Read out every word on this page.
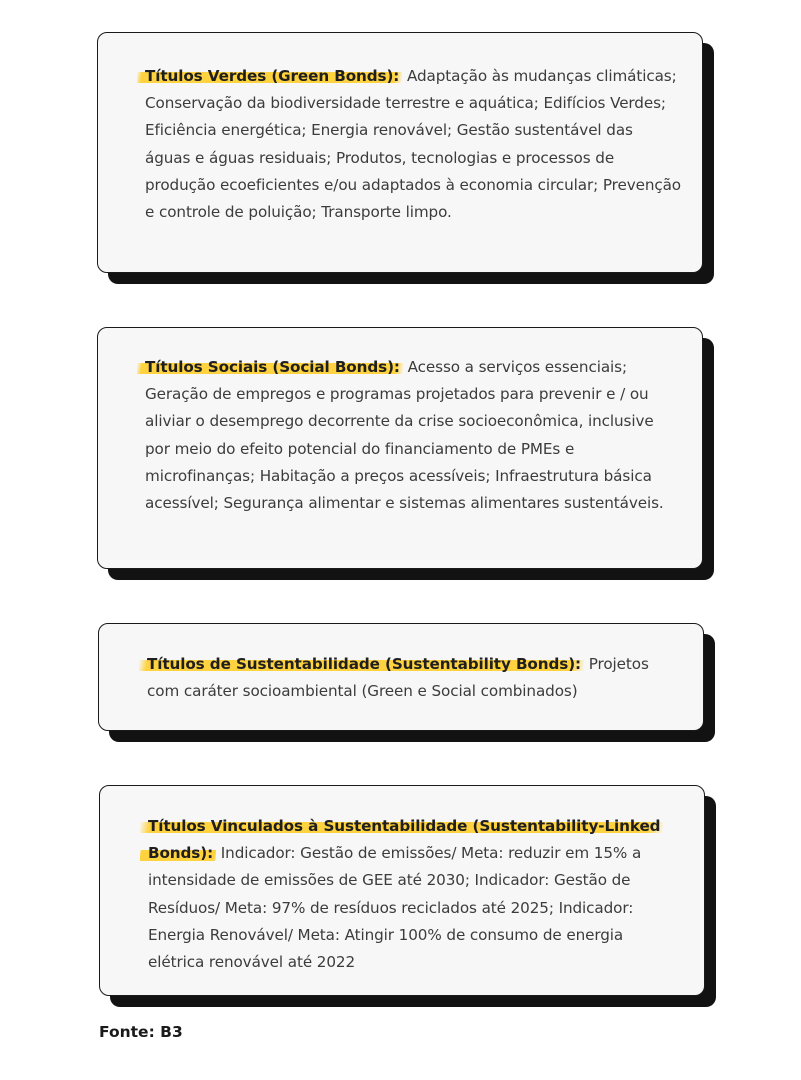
Títulos Verdes (Green Bonds): Adaptação às mudanças climáticas; Conservação da biodiversidade terrestre e aquática; Edifícios Verdes; Eficiência energética; Energia renovável; Gestão sustentável das águas e águas residuais; Produtos, tecnologias e processos de produção ecoeficientes e/ou adaptados à economia circular; Prevenção e controle de poluição; Transporte limpo.

Títulos Sociais (Social Bonds): Acesso a serviços essenciais; Geração de empregos e programas projetados para prevenir e / ou aliviar o desemprego decorrente da crise socioeconômica, inclusive por meio do efeito potencial do financiamento de PMEs e microfinanças; Habitação a preços acessíveis; Infraestrutura básica acessível; Segurança alimentar e sistemas alimentares sustentáveis.

Títulos de Sustentabilidade (Sustentability Bonds): Projetos com caráter socioambiental (Green e Social combinados)

Títulos Vinculados à Sustentabilidade (Sustentability-Linked Bonds): Indicador: Gestão de emissões/ Meta: reduzir em 15% a intensidade de emissões de GEE até 2030; Indicador: Gestão de Resíduos/ Meta: 97% de resíduos reciclados até 2025; Indicador: Energia Renovável/ Meta: Atingir 100% de consumo de energia elétrica renovável até 2022

Fonte: B3
